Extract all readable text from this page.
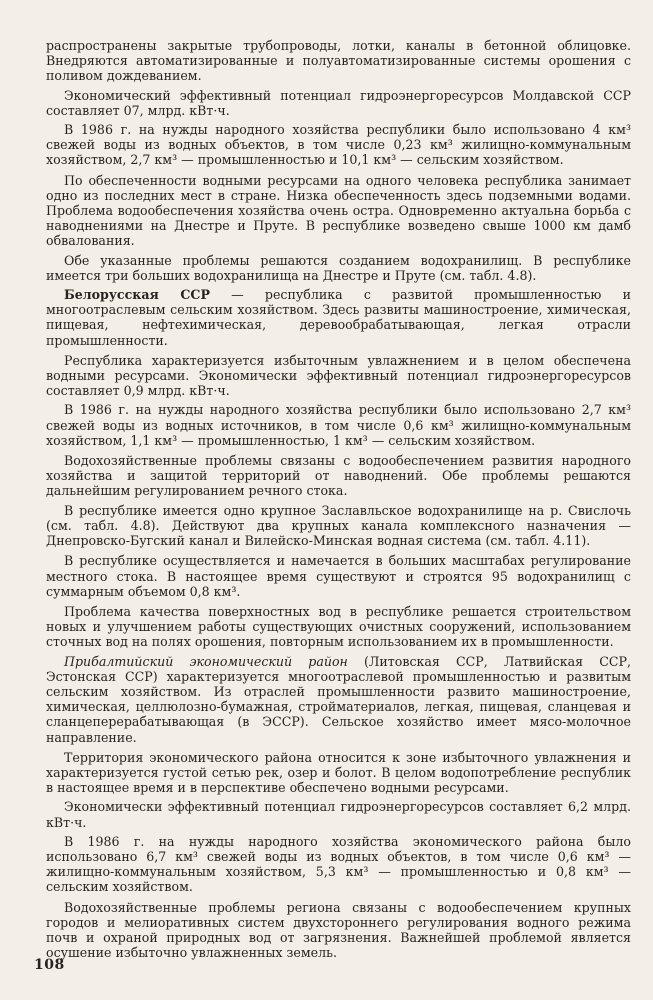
распространены закрытые трубопроводы, лотки, каналы в бетонной облицовке. Внедряются автоматизированные и полуавтоматизированные системы орошения с поливом дождеванием.

Экономический эффективный потенциал гидроэнергоресурсов Молдавской ССР составляет 07, млрд. кВт·ч.

В 1986 г. на нужды народного хозяйства республики было использовано 4 км³ свежей воды из водных объектов, в том числе 0,23 км³ жилищно-коммунальным хозяйством, 2,7 км³ — промышленностью и 10,1 км³ — сельским хозяйством.

По обеспеченности водными ресурсами на одного человека республика занимает одно из последних мест в стране. Низка обеспеченность здесь подземными водами. Проблема водообеспечения хозяйства очень остра. Одновременно актуальна борьба с наводнениями на Днестре и Пруте. В республике возведено свыше 1000 км дамб обвалования.

Обе указанные проблемы решаются созданием водохранилищ. В республике имеется три больших водохранилища на Днестре и Пруте (см. табл. 4.8).

Белорусская ССР — республика с развитой промышленностью и многоотраслевым сельским хозяйством. Здесь развиты машиностроение, химическая, пищевая, нефтехимическая, деревообрабатывающая, легкая отрасли промышленности.

Республика характеризуется избыточным увлажнением и в целом обеспечена водными ресурсами. Экономически эффективный потенциал гидроэнергоресурсов составляет 0,9 млрд. кВт·ч.

В 1986 г. на нужды народного хозяйства республики было использовано 2,7 км³ свежей воды из водных источников, в том числе 0,6 км³ жилищно-коммунальным хозяйством, 1,1 км³ — промышленностью, 1 км³ — сельским хозяйством.

Водохозяйственные проблемы связаны с водообеспечением развития народного хозяйства и защитой территорий от наводнений. Обе проблемы решаются дальнейшим регулированием речного стока.

В республике имеется одно крупное Заславльское водохранилище на р. Свислочь (см. табл. 4.8). Действуют два крупных канала комплексного назначения — Днепровско-Бугский канал и Вилейско-Минская водная система (см. табл. 4.11).

В республике осуществляется и намечается в больших масштабах регулирование местного стока. В настоящее время существуют и строятся 95 водохранилищ с суммарным объемом 0,8 км³.

Проблема качества поверхностных вод в республике решается строительством новых и улучшением работы существующих очистных сооружений, использованием сточных вод на полях орошения, повторным использованием их в промышленности.

Прибалтийский экономический район (Литовская ССР, Латвийская ССР, Эстонская ССР) характеризуется многоотраслевой промышленностью и развитым сельским хозяйством. Из отраслей промышленности развито машиностроение, химическая, целлюлозно-бумажная, стройматериалов, легкая, пищевая, сланцевая и сланцеперерабатывающая (в ЭССР). Сельское хозяйство имеет мясо-молочное направление.

Территория экономического района относится к зоне избыточного увлажнения и характеризуется густой сетью рек, озер и болот. В целом водопотребление республик в настоящее время и в перспективе обеспечено водными ресурсами.

Экономически эффективный потенциал гидроэнергоресурсов составляет 6,2 млрд. кВт·ч.

В 1986 г. на нужды народного хозяйства экономического района было использовано 6,7 км³ свежей воды из водных объектов, в том числе 0,6 км³ — жилищно-коммунальным хозяйством, 5,3 км³ — промышленностью и 0,8 км³ — сельским хозяйством.

Водохозяйственные проблемы региона связаны с водообеспечением крупных городов и мелиоративных систем двухстороннего регулирования водного режима почв и охраной природных вод от загрязнения. Важнейшей проблемой является осушение избыточно увлажненных земель.

108
